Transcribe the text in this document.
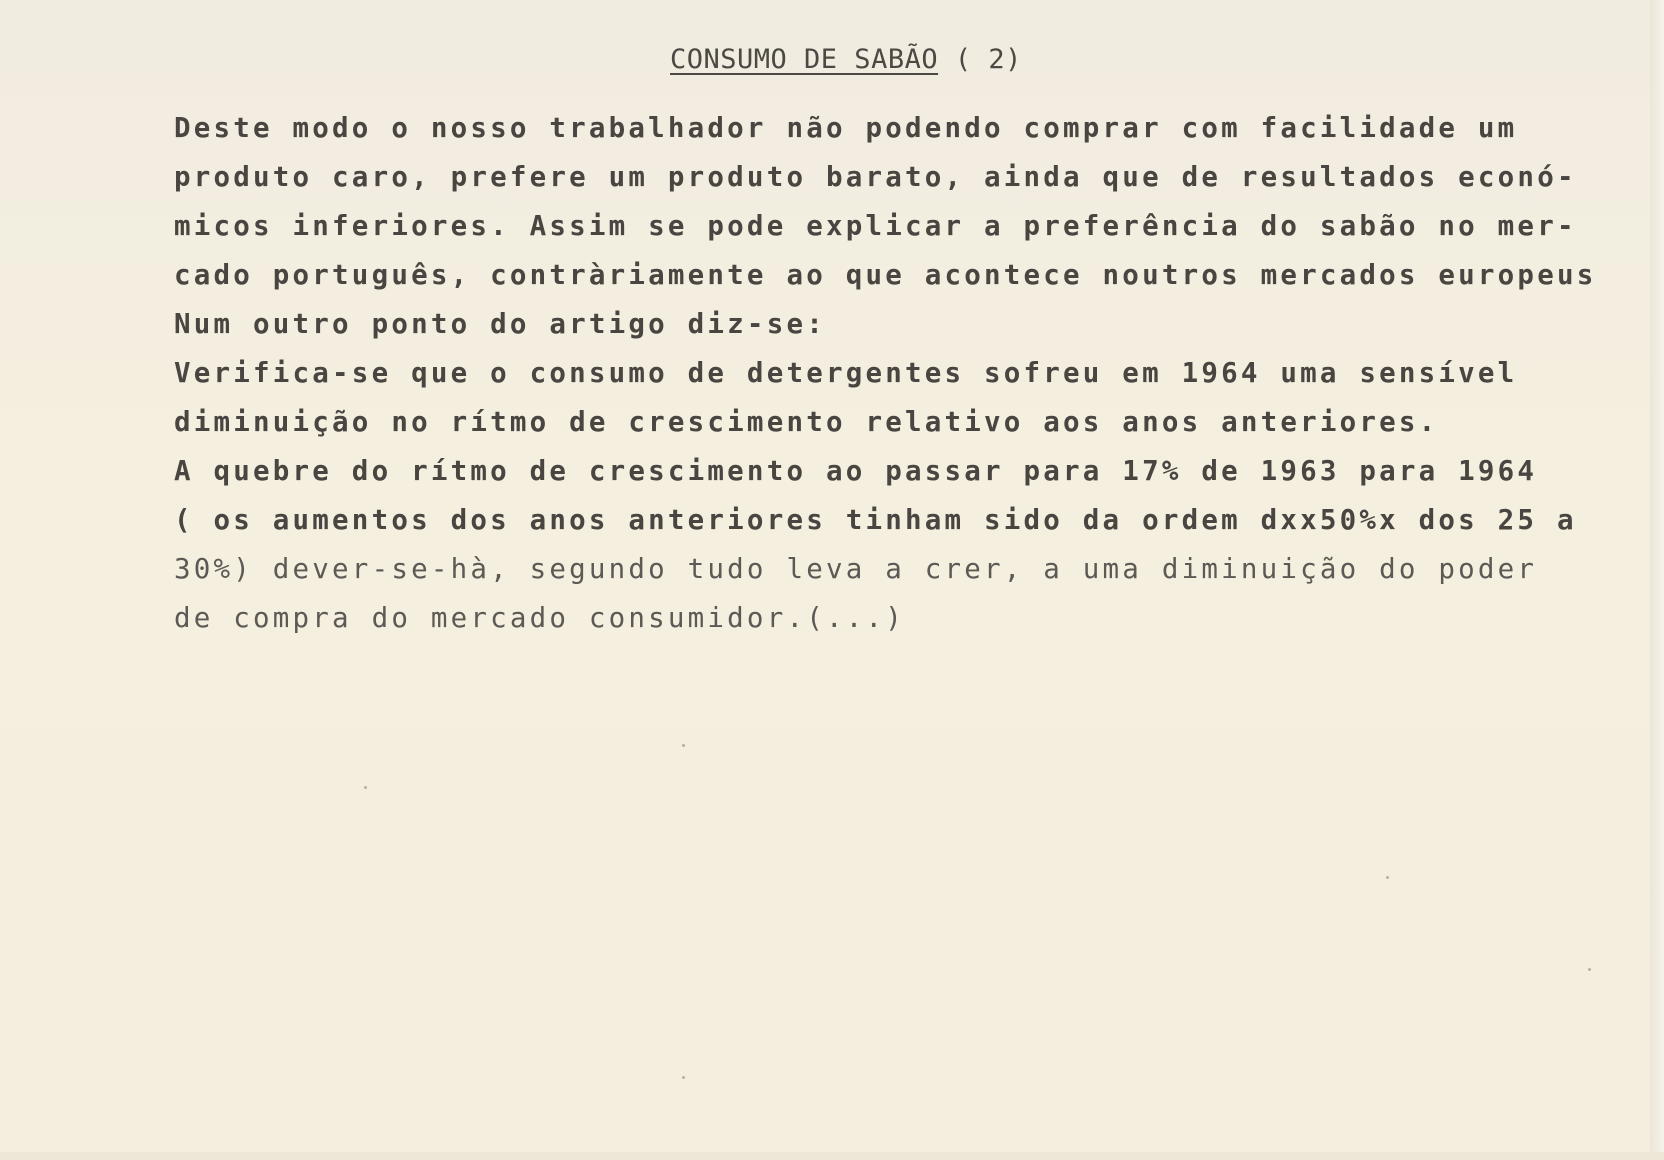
CONSUMO DE SABÃO ( 2)
Deste modo o nosso trabalhador não podendo comprar com facilidade um
produto caro, prefere um produto barato, ainda que de resultados econó-
micos inferiores. Assim se pode explicar a preferência do sabão no mer-
cado português, contràriamente ao que acontece noutros mercados europeus
Num outro ponto do artigo diz-se:
Verifica-se que o consumo de detergentes sofreu em 1964 uma sensível
diminuição no rítmo de crescimento relativo aos anos anteriores.
A quebre do rítmo de crescimento ao passar para 17% de 1963 para 1964
( os aumentos dos anos anteriores tinham sido da ordem dxx50%x dos 25 a
30%) dever-se-hà, segundo tudo leva a crer, a uma diminuição do poder
de compra do mercado consumidor.(...)
